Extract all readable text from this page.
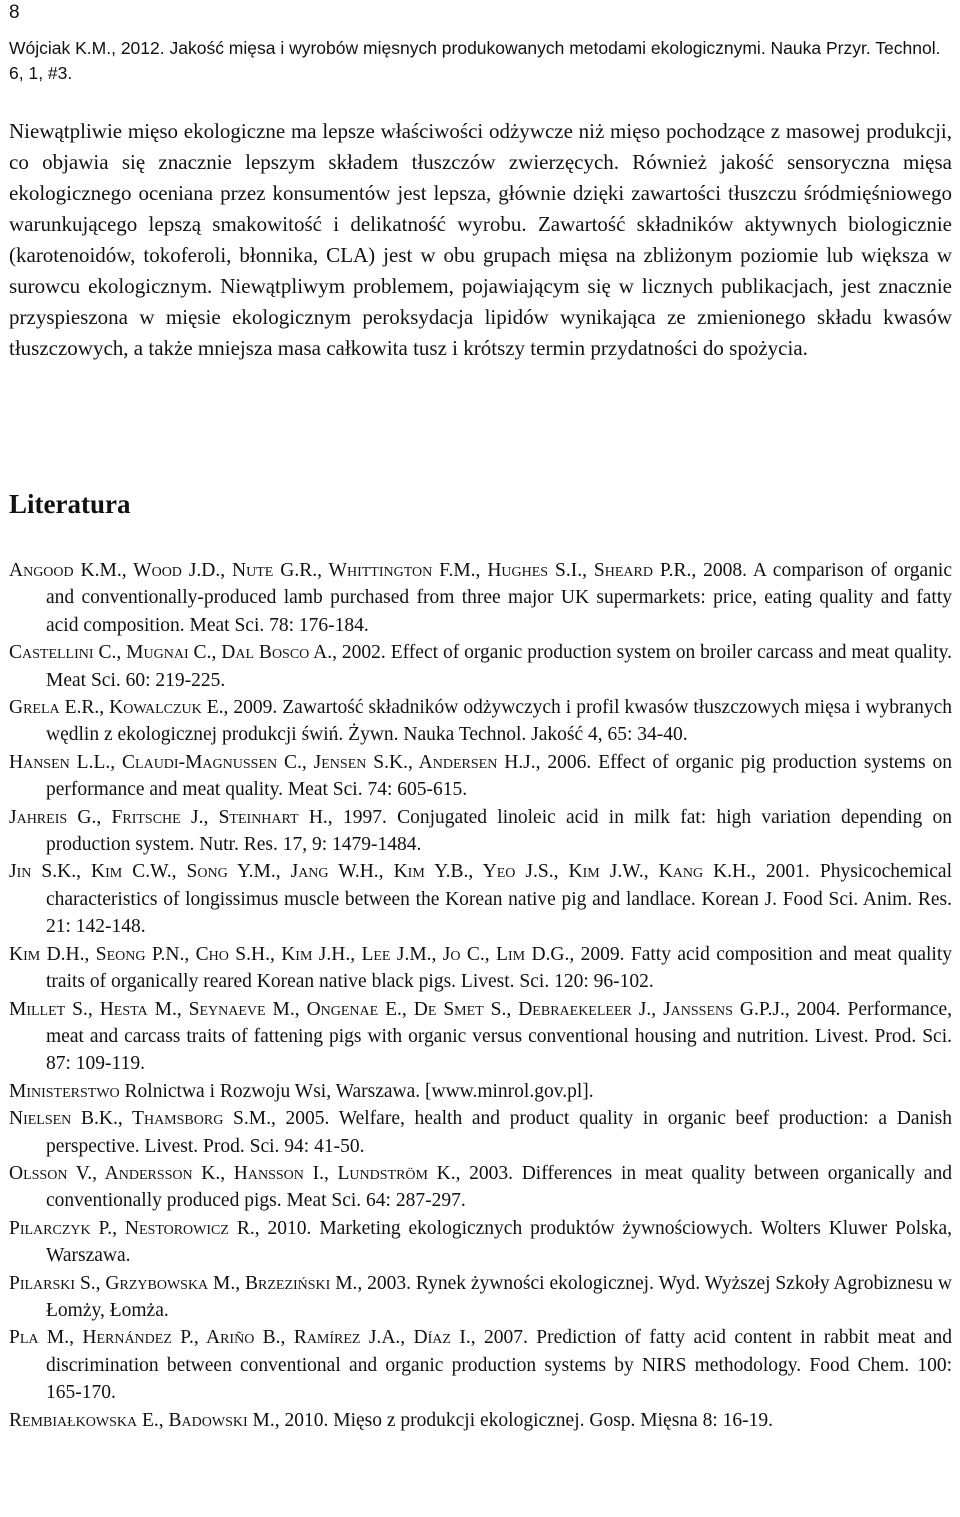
8

Wójciak K.M., 2012. Jakość mięsa i wyrobów mięsnych produkowanych metodami ekologicznymi. Nauka Przyr. Technol. 6, 1, #3.

Niewątpliwie mięso ekologiczne ma lepsze właściwości odżywcze niż mięso pochodzące z masowej produkcji, co objawia się znacznie lepszym składem tłuszczów zwierzęcych. Również jakość sensoryczna mięsa ekologicznego oceniana przez konsumentów jest lepsza, głównie dzięki zawartości tłuszczu śródmięśniowego warunkującego lepszą smakowitość i delikatność wyrobu. Zawartość składników aktywnych biologicznie (karotenoidów, tokoferoli, błonnika, CLA) jest w obu grupach mięsa na zbliżonym poziomie lub większa w surowcu ekologicznym. Niewątpliwym problemem, pojawiającym się w licznych publikacjach, jest znacznie przyspieszona w mięsie ekologicznym peroksydacja lipidów wynikająca ze zmienionego składu kwasów tłuszczowych, a także mniejsza masa całkowita tusz i krótszy termin przydatności do spożycia.

Literatura
Angood K.M., Wood J.D., Nute G.R., Whittington F.M., Hughes S.I., Sheard P.R., 2008. A comparison of organic and conventionally-produced lamb purchased from three major UK supermarkets: price, eating quality and fatty acid composition. Meat Sci. 78: 176-184.
Castellini C., Mugnai C., Dal Bosco A., 2002. Effect of organic production system on broiler carcass and meat quality. Meat Sci. 60: 219-225.
Grela E.R., Kowalczuk E., 2009. Zawartość składników odżywczych i profil kwasów tłuszczowych mięsa i wybranych wędlin z ekologicznej produkcji świń. Żywn. Nauka Technol. Jakość 4, 65: 34-40.
Hansen L.L., Claudi-Magnussen C., Jensen S.K., Andersen H.J., 2006. Effect of organic pig production systems on performance and meat quality. Meat Sci. 74: 605-615.
Jahreis G., Fritsche J., Steinhart H., 1997. Conjugated linoleic acid in milk fat: high variation depending on production system. Nutr. Res. 17, 9: 1479-1484.
Jin S.K., Kim C.W., Song Y.M., Jang W.H., Kim Y.B., Yeo J.S., Kim J.W., Kang K.H., 2001. Physicochemical characteristics of longissimus muscle between the Korean native pig and landlace. Korean J. Food Sci. Anim. Res. 21: 142-148.
Kim D.H., Seong P.N., Cho S.H., Kim J.H., Lee J.M., Jo C., Lim D.G., 2009. Fatty acid composition and meat quality traits of organically reared Korean native black pigs. Livest. Sci. 120: 96-102.
Millet S., Hesta M., Seynaeve M., Ongenae E., De Smet S., Debraekeleer J., Janssens G.P.J., 2004. Performance, meat and carcass traits of fattening pigs with organic versus conventional housing and nutrition. Livest. Prod. Sci. 87: 109-119.
Ministerstwo Rolnictwa i Rozwoju Wsi, Warszawa. [www.minrol.gov.pl].
Nielsen B.K., Thamsborg S.M., 2005. Welfare, health and product quality in organic beef production: a Danish perspective. Livest. Prod. Sci. 94: 41-50.
Olsson V., Andersson K., Hansson I., Lundström K., 2003. Differences in meat quality between organically and conventionally produced pigs. Meat Sci. 64: 287-297.
Pilarczyk P., Nestorowicz R., 2010. Marketing ekologicznych produktów żywnościowych. Wolters Kluwer Polska, Warszawa.
Pilarski S., Grzybowska M., Brzeziński M., 2003. Rynek żywności ekologicznej. Wyd. Wyższej Szkoły Agrobiznesu w Łomży, Łomża.
Pla M., Hernández P., Ariño B., Ramírez J.A., Díaz I., 2007. Prediction of fatty acid content in rabbit meat and discrimination between conventional and organic production systems by NIRS methodology. Food Chem. 100: 165-170.
Rembiałkowska E., Badowski M., 2010. Mięso z produkcji ekologicznej. Gosp. Mięsna 8: 16-19.
